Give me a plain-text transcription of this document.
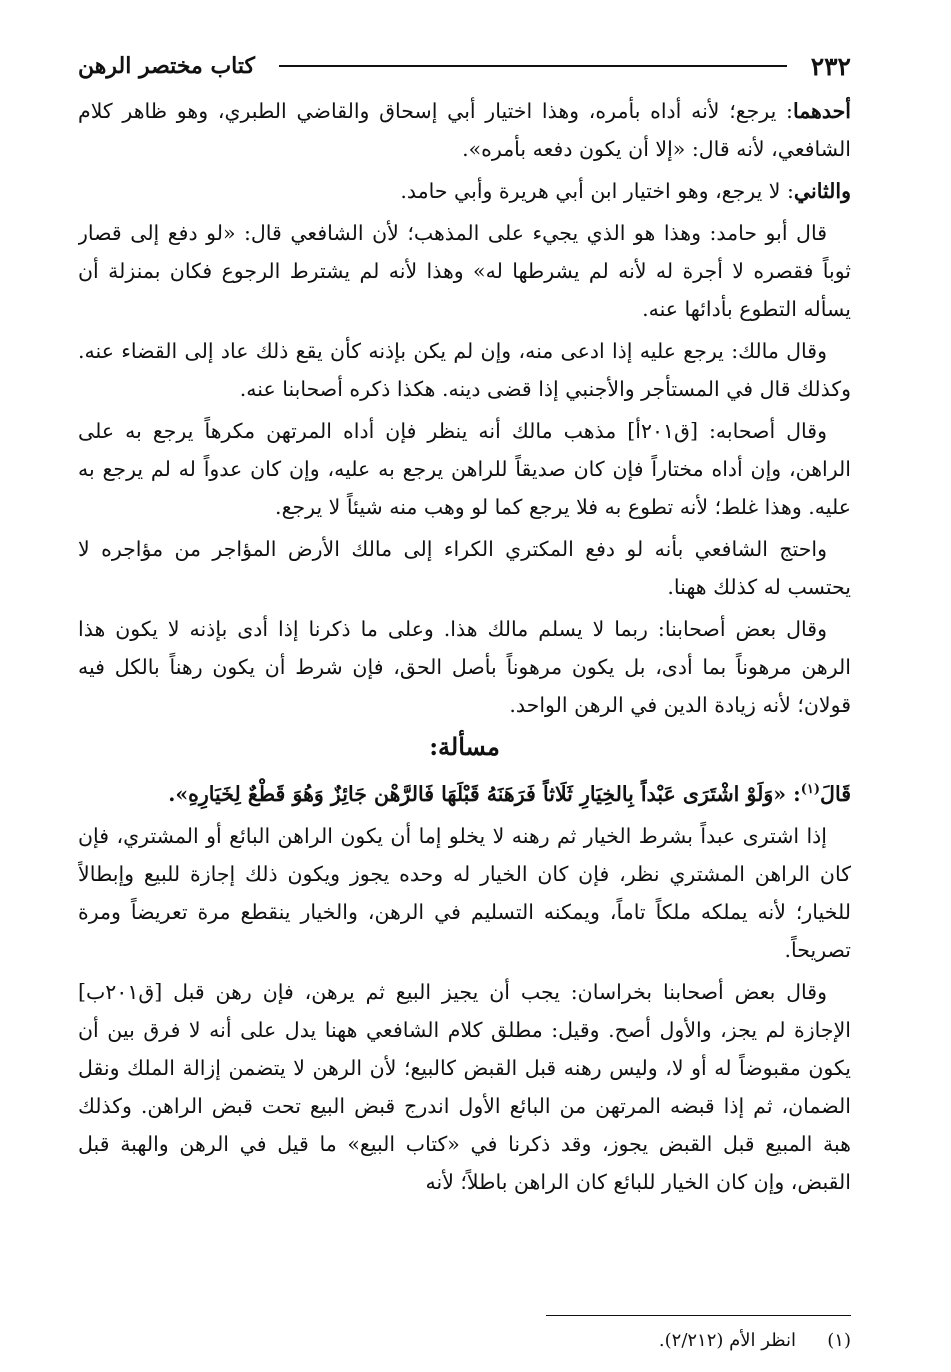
٢٣٢
كتاب مختصر الرهن

أحدهما: يرجع؛ لأنه أداه بأمره، وهذا اختيار أبي إسحاق والقاضي الطبري، وهو ظاهر كلام الشافعي، لأنه قال: «إلا أن يكون دفعه بأمره».

والثاني: لا يرجع، وهو اختيار ابن أبي هريرة وأبي حامد.

قال أبو حامد: وهذا هو الذي يجيء على المذهب؛ لأن الشافعي قال: «لو دفع إلى قصار ثوباً فقصره لا أجرة له لأنه لم يشرطها له» وهذا لأنه لم يشترط الرجوع فكان بمنزلة أن يسأله التطوع بأدائها عنه.

وقال مالك: يرجع عليه إذا ادعى منه، وإن لم يكن بإذنه كأن يقع ذلك عاد إلى القضاء عنه. وكذلك قال في المستأجر والأجنبي إذا قضى دينه. هكذا ذكره أصحابنا عنه.

وقال أصحابه: [ق٢٠١أ] مذهب مالك أنه ينظر فإن أداه المرتهن مكرهاً يرجع به على الراهن، وإن أداه مختاراً فإن كان صديقاً للراهن يرجع به عليه، وإن كان عدواً له لم يرجع به عليه. وهذا غلط؛ لأنه تطوع به فلا يرجع كما لو وهب منه شيئاً لا يرجع.

واحتج الشافعي بأنه لو دفع المكتري الكراء إلى مالك الأرض المؤاجر من مؤاجره لا يحتسب له كذلك ههنا.

وقال بعض أصحابنا: ربما لا يسلم مالك هذا. وعلى ما ذكرنا إذا أدى بإذنه لا يكون هذا الرهن مرهوناً بما أدى، بل يكون مرهوناً بأصل الحق، فإن شرط أن يكون رهناً بالكل فيه قولان؛ لأنه زيادة الدين في الرهن الواحد.

مسألة:

قَالَ$^{(١)}$: «وَلَوْ اشْتَرَى عَبْداً بِالخِيَارِ ثَلَاثاً فَرَهَنَهُ قَبْلَهَا فَالرَّهْن جَائِزٌ وَهُوَ قَطْعٌ لِخَيَارِهِ».

إذا اشترى عبداً بشرط الخيار ثم رهنه لا يخلو إما أن يكون الراهن البائع أو المشتري، فإن كان الراهن المشتري نظر، فإن كان الخيار له وحده يجوز ويكون ذلك إجازة للبيع وإبطالاً للخيار؛ لأنه يملكه ملكاً تاماً، ويمكنه التسليم في الرهن، والخيار ينقطع مرة تعريضاً ومرة تصريحاً.

وقال بعض أصحابنا بخراسان: يجب أن يجيز البيع ثم يرهن، فإن رهن قبل [ق٢٠١ب] الإجازة لم يجز، والأول أصح. وقيل: مطلق كلام الشافعي ههنا يدل على أنه لا فرق بين أن يكون مقبوضاً له أو لا، وليس رهنه قبل القبض كالبيع؛ لأن الرهن لا يتضمن إزالة الملك ونقل الضمان، ثم إذا قبضه المرتهن من البائع الأول اندرج قبض البيع تحت قبض الراهن. وكذلك هبة المبيع قبل القبض يجوز، وقد ذكرنا في «كتاب البيع» ما قيل في الرهن والهبة قبل القبض، وإن كان الخيار للبائع كان الراهن باطلاً؛ لأنه

(١)انظر الأم (٢/٢١٢).
